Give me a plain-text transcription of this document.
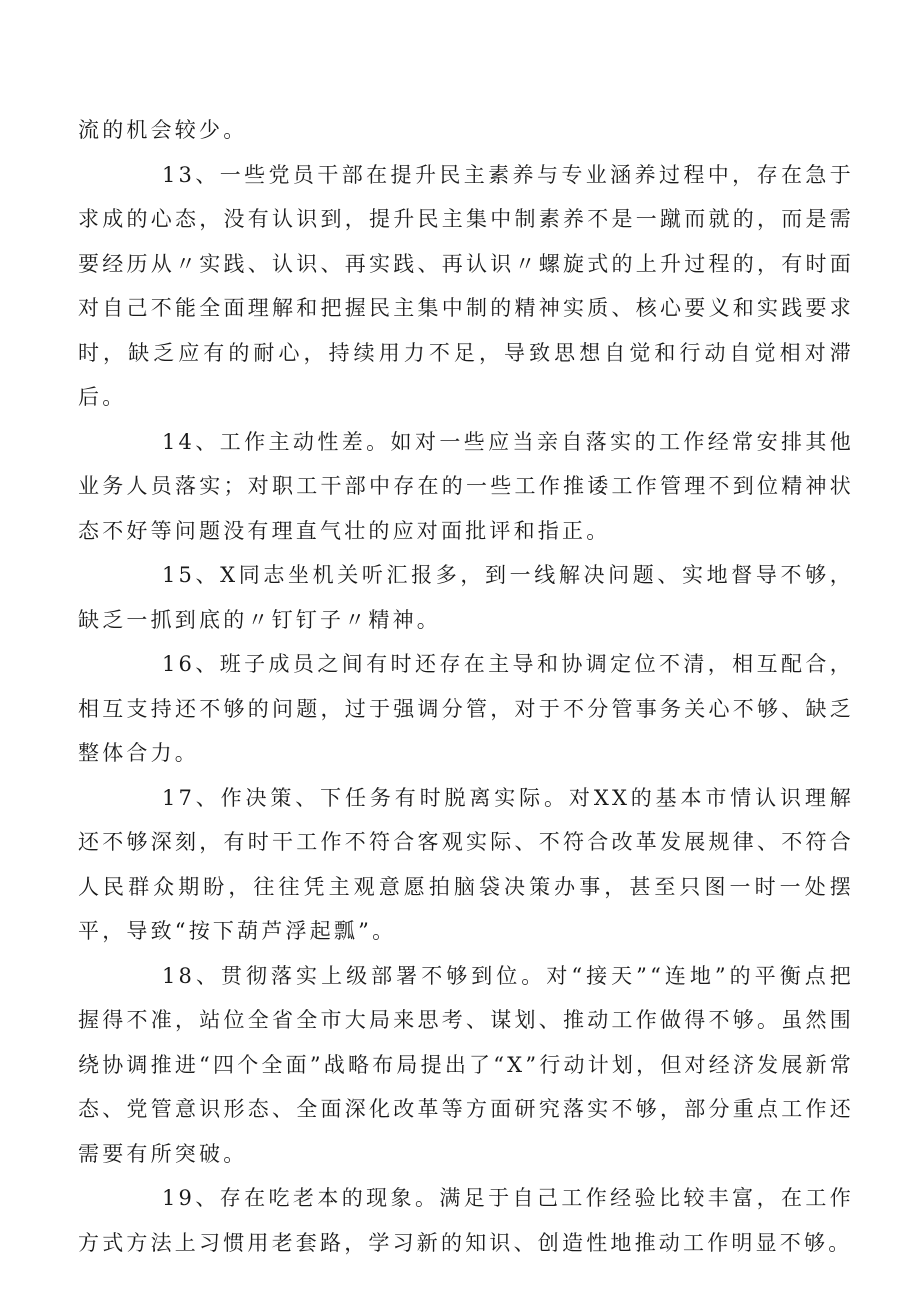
流的机会较少。

13、一些党员干部在提升民主素养与专业涵养过程中，存在急于求成的心态，没有认识到，提升民主集中制素养不是一蹴而就的，而是需要经历从〃实践、认识、再实践、再认识〃螺旋式的上升过程的，有时面对自己不能全面理解和把握民主集中制的精神实质、核心要义和实践要求时，缺乏应有的耐心，持续用力不足，导致思想自觉和行动自觉相对滞后。

14、工作主动性差。如对一些应当亲自落实的工作经常安排其他业务人员落实；对职工干部中存在的一些工作推诿工作管理不到位精神状态不好等问题没有理直气壮的应对面批评和指正。

15、X同志坐机关听汇报多，到一线解决问题、实地督导不够，缺乏一抓到底的〃钉钉子〃精神。

16、班子成员之间有时还存在主导和协调定位不清，相互配合，相互支持还不够的问题，过于强调分管，对于不分管事务关心不够、缺乏整体合力。

17、作决策、下任务有时脱离实际。对XX的基本市情认识理解还不够深刻，有时干工作不符合客观实际、不符合改革发展规律、不符合人民群众期盼，往往凭主观意愿拍脑袋决策办事，甚至只图一时一处摆平，导致“按下葫芦浮起瓢”。

18、贯彻落实上级部署不够到位。对“接天”“连地”的平衡点把握得不准，站位全省全市大局来思考、谋划、推动工作做得不够。虽然围绕协调推进“四个全面”战略布局提出了“X”行动计划，但对经济发展新常态、党管意识形态、全面深化改革等方面研究落实不够，部分重点工作还需要有所突破。

19、存在吃老本的现象。满足于自己工作经验比较丰富，在工作方式方法上习惯用老套路，学习新的知识、创造性地推动工作明显不够。
